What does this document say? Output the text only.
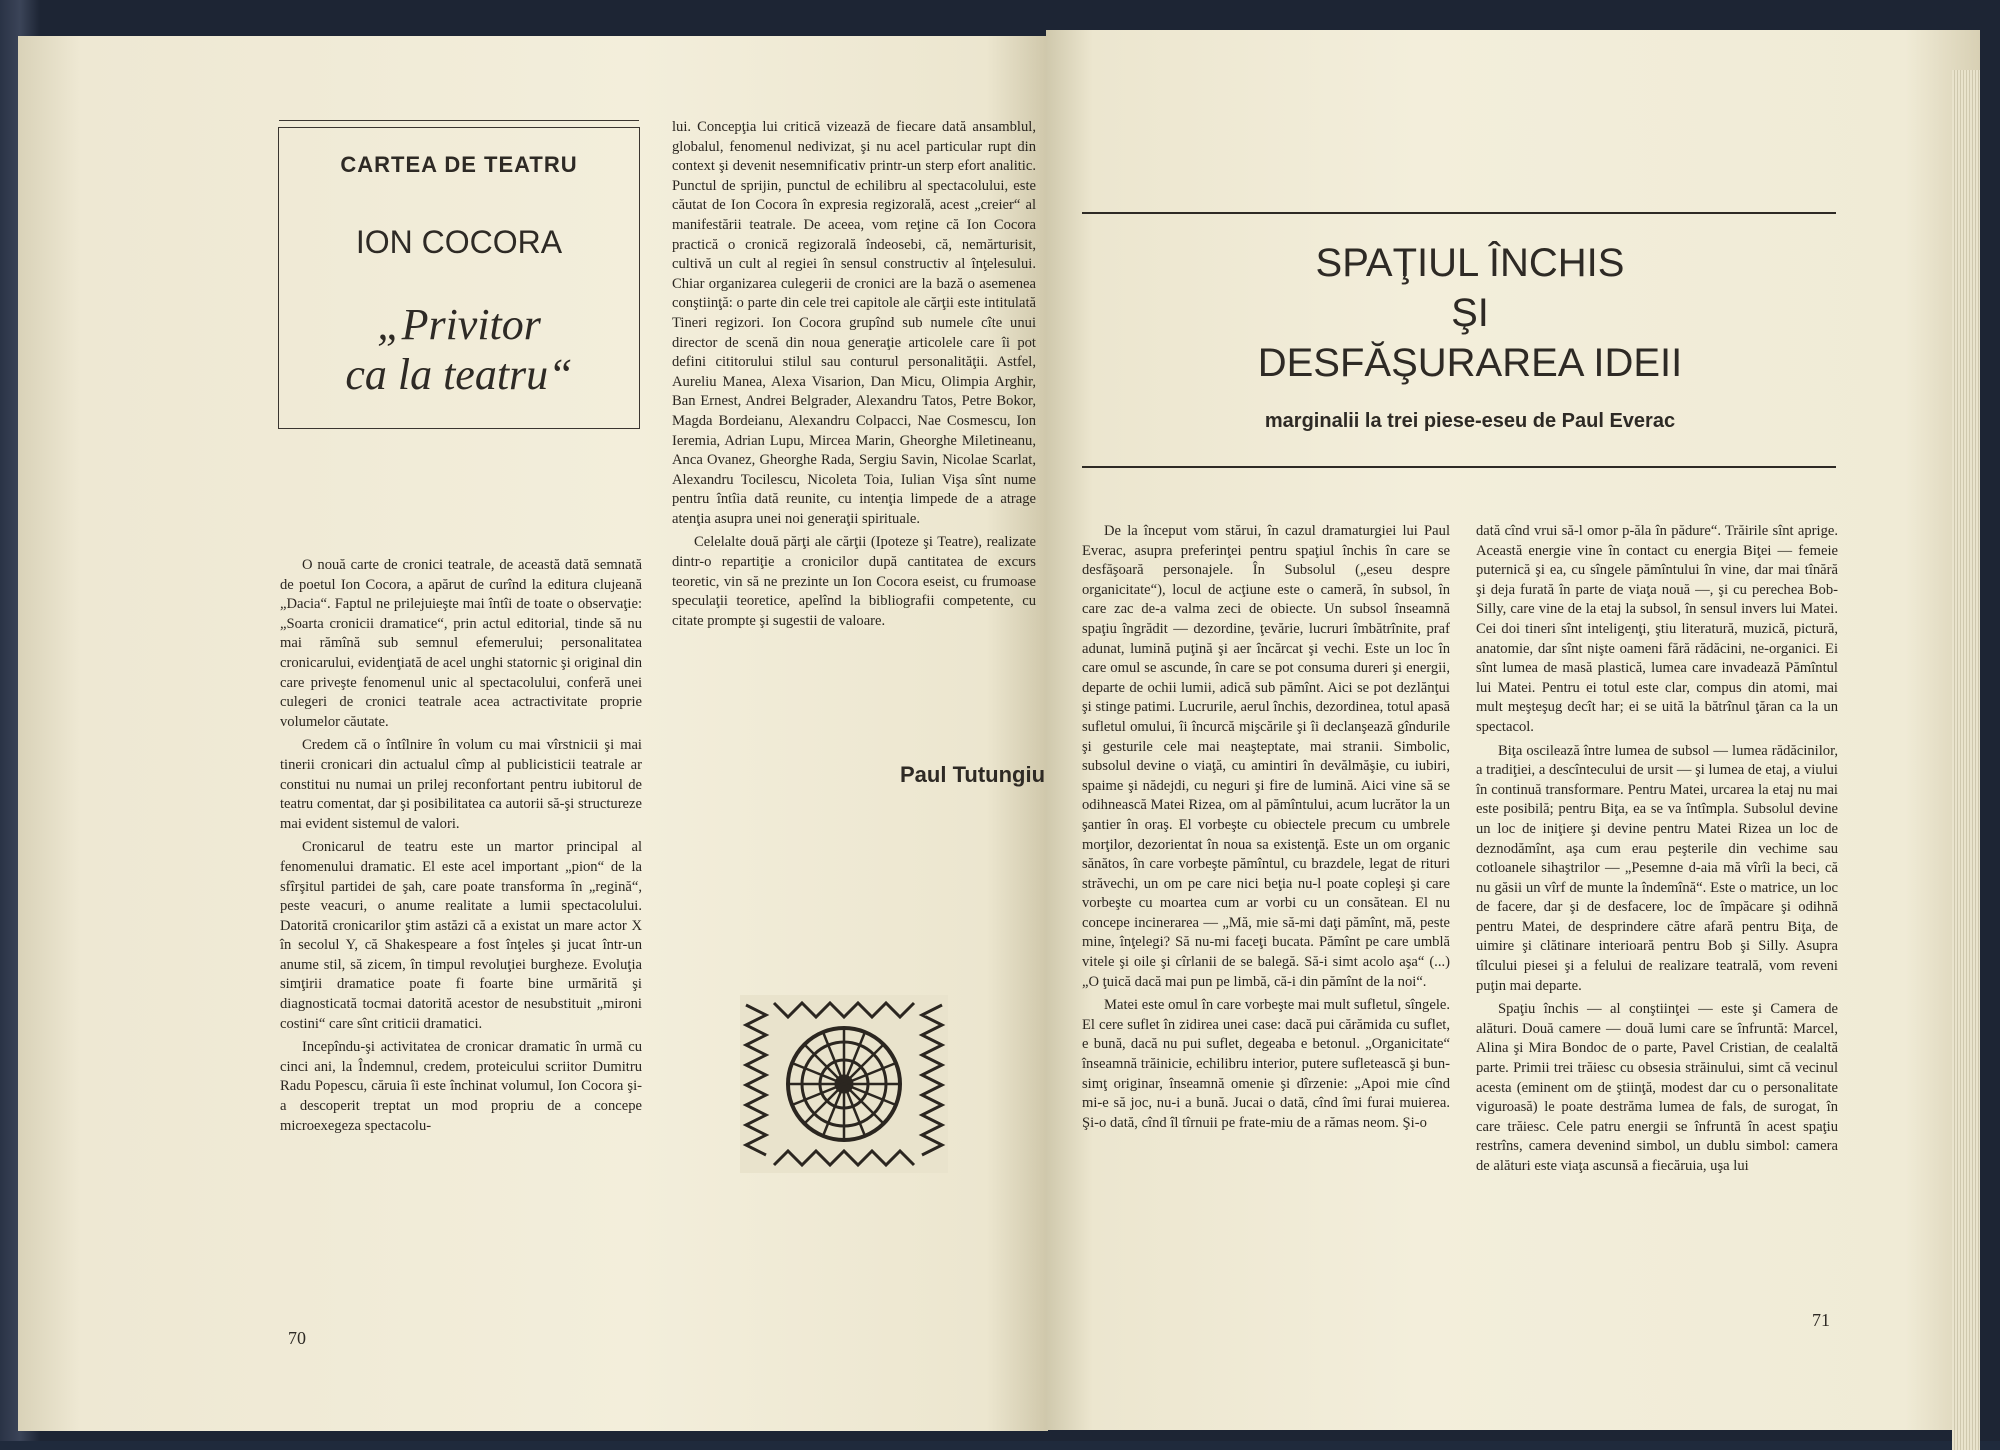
CARTEA DE TEATRU
ION COCORA
„Privitor
ca la teatru“

O nouă carte de cronici teatrale, de această dată semnată de poetul Ion Cocora, a apărut de curînd la editura clujeană „Dacia“. Faptul ne prilejuieşte mai întîi de toate o observaţie: „Soarta cronicii dramatice“, prin actul editorial, tinde să nu mai rămînă sub semnul efemerului; personalitatea cronicarului, evidenţiată de acel unghi statornic şi original din care priveşte fenomenul unic al spectacolului, conferă unei culegeri de cronici teatrale acea actractivitate proprie volumelor căutate.

Credem că o întîlnire în volum cu mai vîrstnicii şi mai tinerii cronicari din actualul cîmp al publicisticii teatrale ar constitui nu numai un prilej reconfortant pentru iubitorul de teatru comentat, dar şi posibilitatea ca autorii să-şi structureze mai evident sistemul de valori.

Cronicarul de teatru este un martor principal al fenomenului dramatic. El este acel important „pion“ de la sfîrşitul partidei de şah, care poate transforma în „regină“, peste veacuri, o anume realitate a lumii spectacolului. Datorită cronicarilor ştim astăzi că a existat un mare actor X în secolul Y, că Shakespeare a fost înţeles şi jucat într-un anume stil, să zicem, în timpul revoluţiei burgheze. Evoluţia simţirii dramatice poate fi foarte bine urmărită şi diagnosticată tocmai datorită acestor de nesubstituit „mironi costini“ care sînt criticii dramatici.

Incepîndu-şi activitatea de cronicar dramatic în urmă cu cinci ani, la Îndemnul, credem, proteicului scriitor Dumitru Radu Popescu, căruia îi este închinat volumul, Ion Cocora şi-a descoperit treptat un mod propriu de a concepe microexegeza spectacolu-

lui. Concepţia lui critică vizează de fiecare dată ansamblul, globalul, fenomenul nedivizat, şi nu acel particular rupt din context şi devenit nesemnificativ printr-un sterp efort analitic. Punctul de sprijin, punctul de echilibru al spectacolului, este căutat de Ion Cocora în expresia regizorală, acest „creier“ al manifestării teatrale. De aceea, vom reţine că Ion Cocora practică o cronică regizorală îndeosebi, că, nemărturisit, cultivă un cult al regiei în sensul constructiv al înţelesului. Chiar organizarea culegerii de cronici are la bază o asemenea conştiinţă: o parte din cele trei capitole ale cărţii este intitulată Tineri regizori. Ion Cocora grupînd sub numele cîte unui director de scenă din noua generaţie articolele care îi pot defini cititorului stilul sau conturul personalităţii. Astfel, Aureliu Manea, Alexa Visarion, Dan Micu, Olimpia Arghir, Ban Ernest, Andrei Belgrader, Alexandru Tatos, Petre Bokor, Magda Bordeianu, Alexandru Colpacci, Nae Cosmescu, Ion Ieremia, Adrian Lupu, Mircea Marin, Gheorghe Miletineanu, Anca Ovanez, Gheorghe Rada, Sergiu Savin, Nicolae Scarlat, Alexandru Tocilescu, Nicoleta Toia, Iulian Vişa sînt nume pentru întîia dată reunite, cu intenţia limpede de a atrage atenţia asupra unei noi generaţii spirituale.

Celelalte două părţi ale cărţii (Ipoteze şi Teatre), realizate dintr-o repartiţie a cronicilor după cantitatea de excurs teoretic, vin să ne prezinte un Ion Cocora eseist, cu frumoase speculaţii teoretice, apelînd la bibliografii competente, cu citate prompte şi sugestii de valoare.

Paul Tutungiu
70
SPAŢIUL ÎNCHIS
ŞI
DESFĂŞURAREA IDEII
marginalii la trei piese-eseu de Paul Everac

De la început vom stărui, în cazul dramaturgiei lui Paul Everac, asupra preferinţei pentru spaţiul închis în care se desfăşoară personajele. În Subsolul („eseu despre organicitate“), locul de acţiune este o cameră, în subsol, în care zac de-a valma zeci de obiecte. Un subsol înseamnă spaţiu îngrădit — dezordine, ţevărie, lucruri îmbătrînite, praf adunat, lumină puţină şi aer încărcat şi vechi. Este un loc în care omul se ascunde, în care se pot consuma dureri şi energii, departe de ochii lumii, adică sub pămînt. Aici se pot dezlănţui şi stinge patimi. Lucrurile, aerul închis, dezordinea, totul apasă sufletul omului, îi încurcă mişcările şi îi declanşează gîndurile şi gesturile cele mai neaşteptate, mai stranii. Simbolic, subsolul devine o viaţă, cu amintiri în devălmăşie, cu iubiri, spaime şi nădejdi, cu neguri şi fire de lumină. Aici vine să se odihnească Matei Rizea, om al pămîntului, acum lucrător la un şantier în oraş. El vorbeşte cu obiectele precum cu umbrele morţilor, dezorientat în noua sa existenţă. Este un om organic sănătos, în care vorbeşte pămîntul, cu brazdele, legat de rituri străvechi, un om pe care nici beţia nu-l poate copleşi şi care vorbeşte cu moartea cum ar vorbi cu un consătean. El nu concepe incinerarea — „Mă, mie să-mi daţi pămînt, mă, peste mine, înţelegi? Să nu-mi faceţi bucata. Pămînt pe care umblă vitele şi oile şi cîrlanii de se balegă. Să-i simt acolo aşa“ (...) „O ţuică dacă mai pun pe limbă, că-i din pămînt de la noi“.

Matei este omul în care vorbeşte mai mult sufletul, sîngele. El cere suflet în zidirea unei case: dacă pui cărămida cu suflet, e bună, dacă nu pui suflet, degeaba e betonul. „Organicitate“ înseamnă trăinicie, echilibru interior, putere sufletească şi bun-simţ originar, înseamnă omenie şi dîrzenie: „Apoi mie cînd mi-e să joc, nu-i a bună. Jucai o dată, cînd îmi furai muierea. Şi-o dată, cînd îl tîrnuii pe frate-miu de a rămas neom. Şi-o

dată cînd vrui să-l omor p-ăla în pădure“. Trăirile sînt aprige. Această energie vine în contact cu energia Biţei — femeie puternică şi ea, cu sîngele pămîntului în vine, dar mai tînără şi deja furată în parte de viaţa nouă —, şi cu perechea Bob-Silly, care vine de la etaj la subsol, în sensul invers lui Matei. Cei doi tineri sînt inteligenţi, ştiu literatură, muzică, pictură, anatomie, dar sînt nişte oameni fără rădăcini, ne-organici. Ei sînt lumea de masă plastică, lumea care invadează Pămîntul lui Matei. Pentru ei totul este clar, compus din atomi, mai mult meşteşug decît har; ei se uită la bătrînul ţăran ca la un spectacol.

Biţa oscilează între lumea de subsol — lumea rădăcinilor, a tradiţiei, a descîntecului de ursit — şi lumea de etaj, a viului în continuă transformare. Pentru Matei, urcarea la etaj nu mai este posibilă; pentru Biţa, ea se va întîmpla. Subsolul devine un loc de iniţiere şi devine pentru Matei Rizea un loc de deznodămînt, aşa cum erau peşterile din vechime sau cotloanele sihaştrilor — „Pesemne d-aia mă vîrîi la beci, că nu găsii un vîrf de munte la îndemînă“. Este o matrice, un loc de facere, dar şi de desfacere, loc de împăcare şi odihnă pentru Matei, de desprindere către afară pentru Biţa, de uimire şi clătinare interioară pentru Bob şi Silly. Asupra tîlcului piesei şi a felului de realizare teatrală, vom reveni puţin mai departe.

Spaţiu închis — al conştiinţei — este şi Camera de alături. Două camere — două lumi care se înfruntă: Marcel, Alina şi Mira Bondoc de o parte, Pavel Cristian, de cealaltă parte. Primii trei trăiesc cu obsesia străinului, simt că vecinul acesta (eminent om de ştiinţă, modest dar cu o personalitate viguroasă) le poate destrăma lumea de fals, de surogat, în care trăiesc. Cele patru energii se înfruntă în acest spaţiu restrîns, camera devenind simbol, un dublu simbol: camera de alături este viaţa ascunsă a fiecăruia, uşa lui

71
